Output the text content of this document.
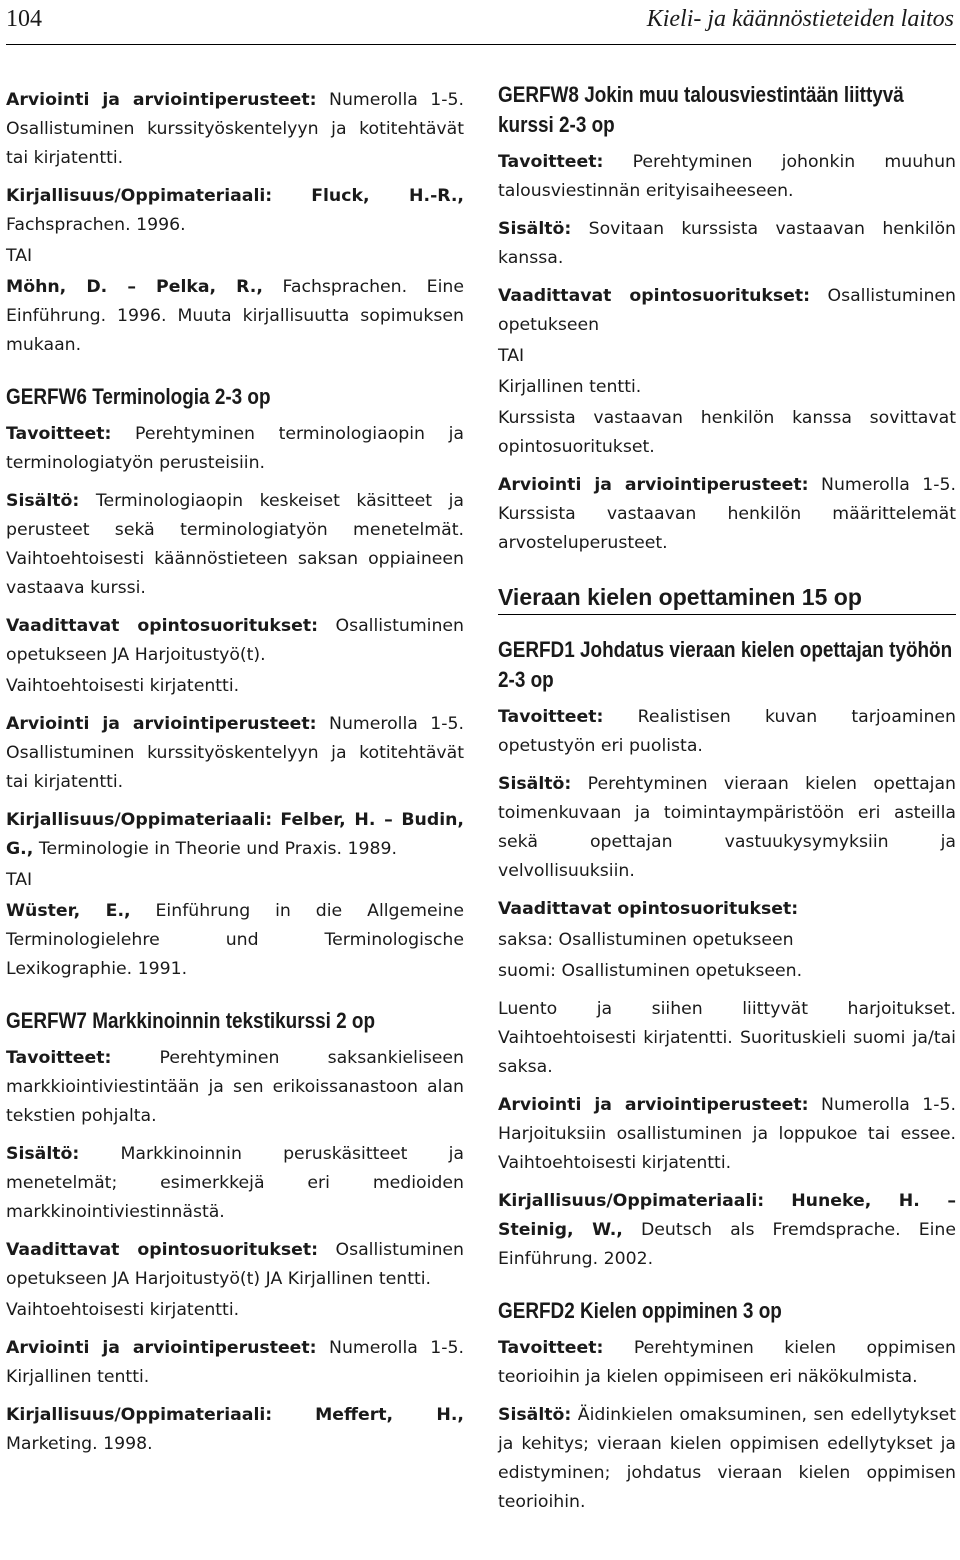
104	Kieli- ja käännöstieteiden laitos

Arviointi ja arviointiperusteet: Numerolla 1-5. Osallistuminen kurssityöskentelyyn ja kotitehtävät tai kirjatentti.

Kirjallisuus/Oppimateriaali: Fluck, H.-R., Fachsprachen. 1996.

TAI

Möhn, D. – Pelka, R., Fachsprachen. Eine Einführung. 1996. Muuta kirjallisuutta sopimuksen mukaan.

GERFW6 Terminologia 2-3 op

Tavoitteet: Perehtyminen terminologiaopin ja terminologiatyön perusteisiin.

Sisältö: Terminologiaopin keskeiset käsitteet ja perusteet sekä terminologiatyön menetelmät. Vaihtoehtoisesti käännöstieteen saksan oppiaineen vastaava kurssi.

Vaadittavat opintosuoritukset: Osallistuminen opetukseen JA Harjoitustyö(t).

Vaihtoehtoisesti kirjatentti.

Arviointi ja arviointiperusteet: Numerolla 1-5. Osallistuminen kurssityöskentelyyn ja kotitehtävät tai kirjatentti.

Kirjallisuus/Oppimateriaali: Felber, H. – Budin, G., Terminologie in Theorie und Praxis. 1989.

TAI

Wüster, E., Einführung in die Allgemeine Terminologielehre und Terminologische Lexikographie. 1991.

GERFW7 Markkinoinnin tekstikurssi 2 op

Tavoitteet:	Perehtyminen saksankieliseen markkiointiviestintään ja sen erikoissanastoon alan tekstien pohjalta.

Sisältö: Markkinoinnin peruskäsitteet ja menetelmät; esimerkkejä eri medioiden markkinointiviestinnästä.

Vaadittavat opintosuoritukset: Osallistuminen opetukseen JA Harjoitustyö(t) JA Kirjallinen tentti.

Vaihtoehtoisesti kirjatentti.

Arviointi ja arviointiperusteet: Numerolla 1-5. Kirjallinen tentti.

Kirjallisuus/Oppimateriaali: Meffert, H., Marketing. 1998.

GERFW8 Jokin muu talousviestintään liittyvä kurssi 2-3 op

Tavoitteet: Perehtyminen johonkin muuhun talousviestinnän erityisaiheeseen.

Sisältö: Sovitaan kurssista vastaavan henkilön kanssa.

Vaadittavat opintosuoritukset: Osallistuminen opetukseen

TAI

Kirjallinen tentti.

Kurssista vastaavan henkilön kanssa sovittavat opintosuoritukset.

Arviointi ja arviointiperusteet: Numerolla 1-5. Kurssista vastaavan henkilön määrittelemät arvosteluperusteet.

Vieraan kielen opettaminen 15 op
GERFD1 Johdatus vieraan kielen opettajan työhön 2-3 op

Tavoitteet: Realistisen kuvan tarjoaminen opetustyön eri puolista.

Sisältö: Perehtyminen vieraan kielen opettajan toimenkuvaan ja toimintaympäristöön eri asteilla sekä opettajan vastuukysymyksiin ja velvollisuuksiin.

Vaadittavat opintosuoritukset:

saksa: Osallistuminen opetukseen

suomi: Osallistuminen opetukseen.

Luento ja siihen liittyvät harjoitukset. Vaihtoehtoisesti kirjatentti. Suorituskieli suomi ja/tai saksa.

Arviointi ja arviointiperusteet: Numerolla 1-5. Harjoituksiin osallistuminen ja loppukoe tai essee. Vaihtoehtoisesti kirjatentti.

Kirjallisuus/Oppimateriaali: Huneke, H. – Steinig, W., Deutsch als Fremdsprache. Eine Einführung. 2002.

GERFD2 Kielen oppiminen 3 op

Tavoitteet: Perehtyminen kielen oppimisen teorioihin ja kielen oppimiseen eri näkökulmista.

Sisältö: Äidinkielen omaksuminen, sen edellytykset ja kehitys; vieraan kielen oppimisen edellytykset ja edistyminen; johdatus vieraan kielen oppimisen teorioihin.
